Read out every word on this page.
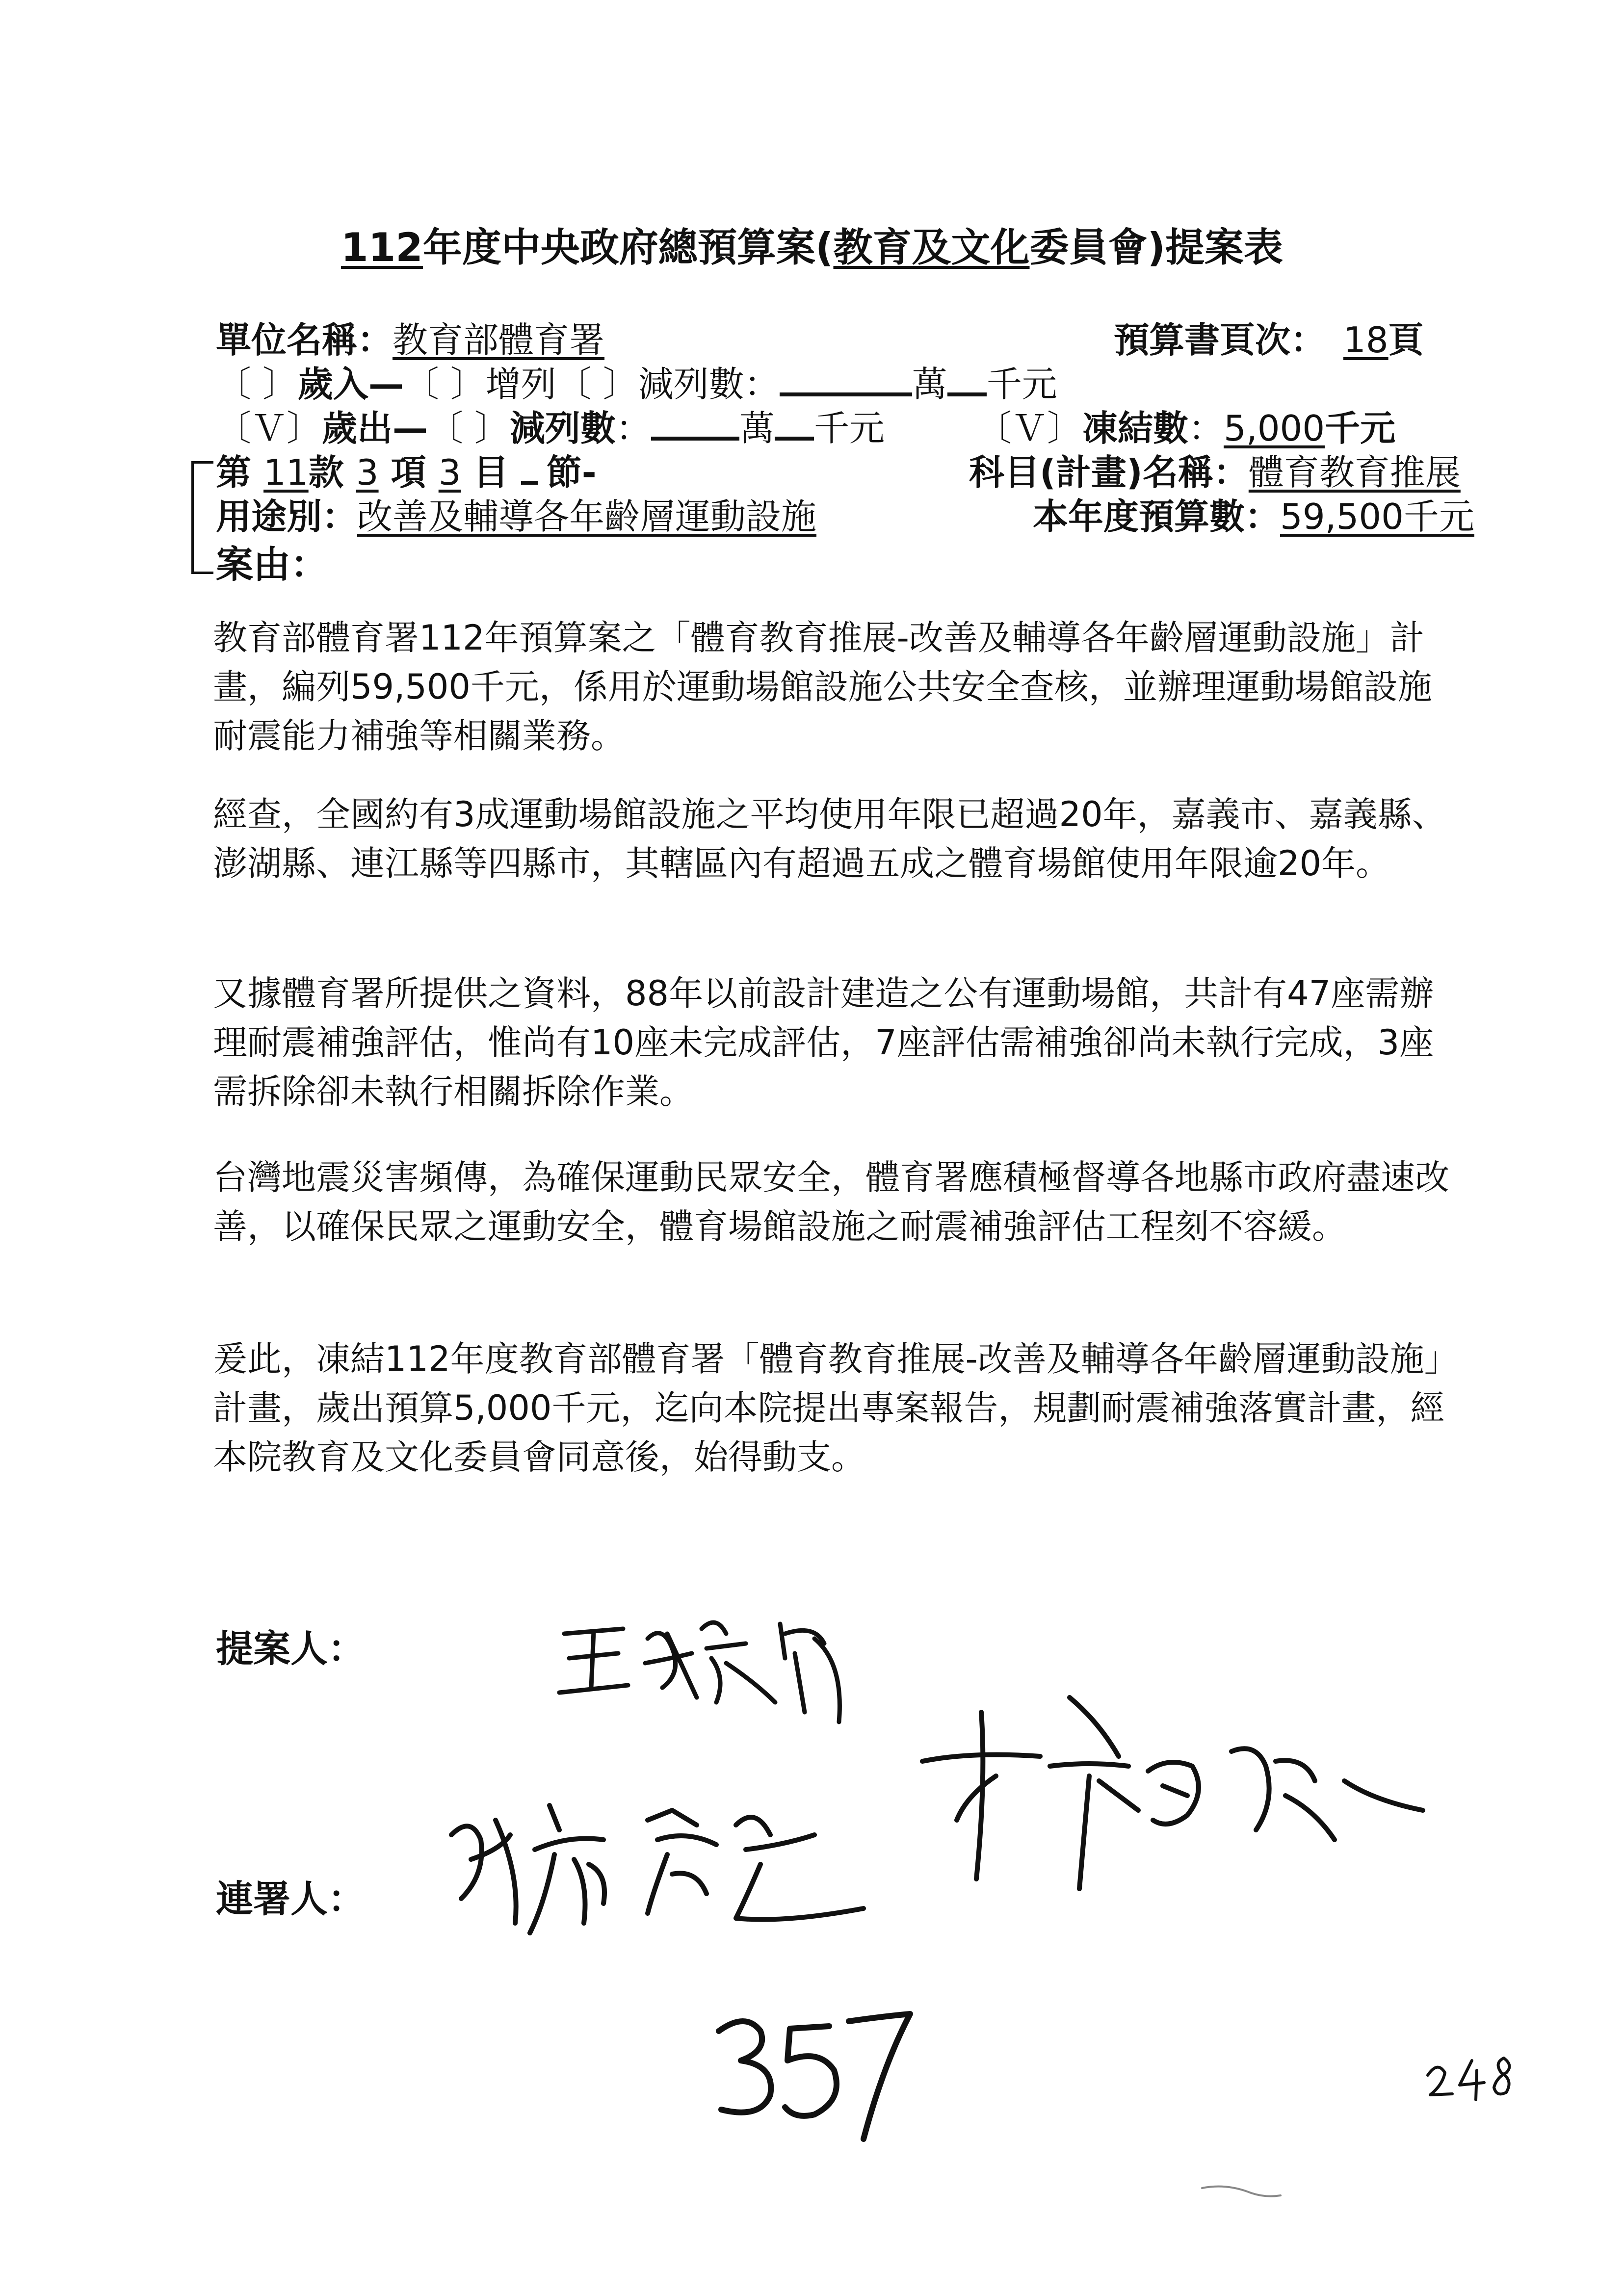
112年度中央政府總預算案(教育及文化委員會)提案表
單位名稱：教育部體育署	預算書頁次： 18頁
〔 〕歲入—〔 〕增列〔 〕減列數：	萬 千元
〔Ｖ〕歲出—〔 〕減列數：	萬 千元	〔Ｖ〕凍結數：5,000千元
第 11款 3 項 3 目 節-	科目(計畫)名稱：體育教育推展
用途別：改善及輔導各年齡層運動設施	本年度預算數：59,500千元
案由：
教育部體育署112年預算案之「體育教育推展-改善及輔導各年齡層運動設施」計畫，編列59,500千元，係用於運動場館設施公共安全查核，並辦理運動場館設施耐震能力補強等相關業務。
經查，全國約有3成運動場館設施之平均使用年限已超過20年，嘉義市、嘉義縣、澎湖縣、連江縣等四縣市，其轄區內有超過五成之體育場館使用年限逾20年。
又據體育署所提供之資料，88年以前設計建造之公有運動場館，共計有47座需辦理耐震補強評估，惟尚有10座未完成評估，7座評估需補強卻尚未執行完成，3座需拆除卻未執行相關拆除作業。
台灣地震災害頻傳，為確保運動民眾安全，體育署應積極督導各地縣市政府盡速改善，以確保民眾之運動安全，體育場館設施之耐震補強評估工程刻不容緩。
爰此，凍結112年度教育部體育署「體育教育推展-改善及輔導各年齡層運動設施」計畫，歲出預算5,000千元，迄向本院提出專案報告，規劃耐震補強落實計畫，經本院教育及文化委員會同意後，始得動支。
提案人：
連署人：
